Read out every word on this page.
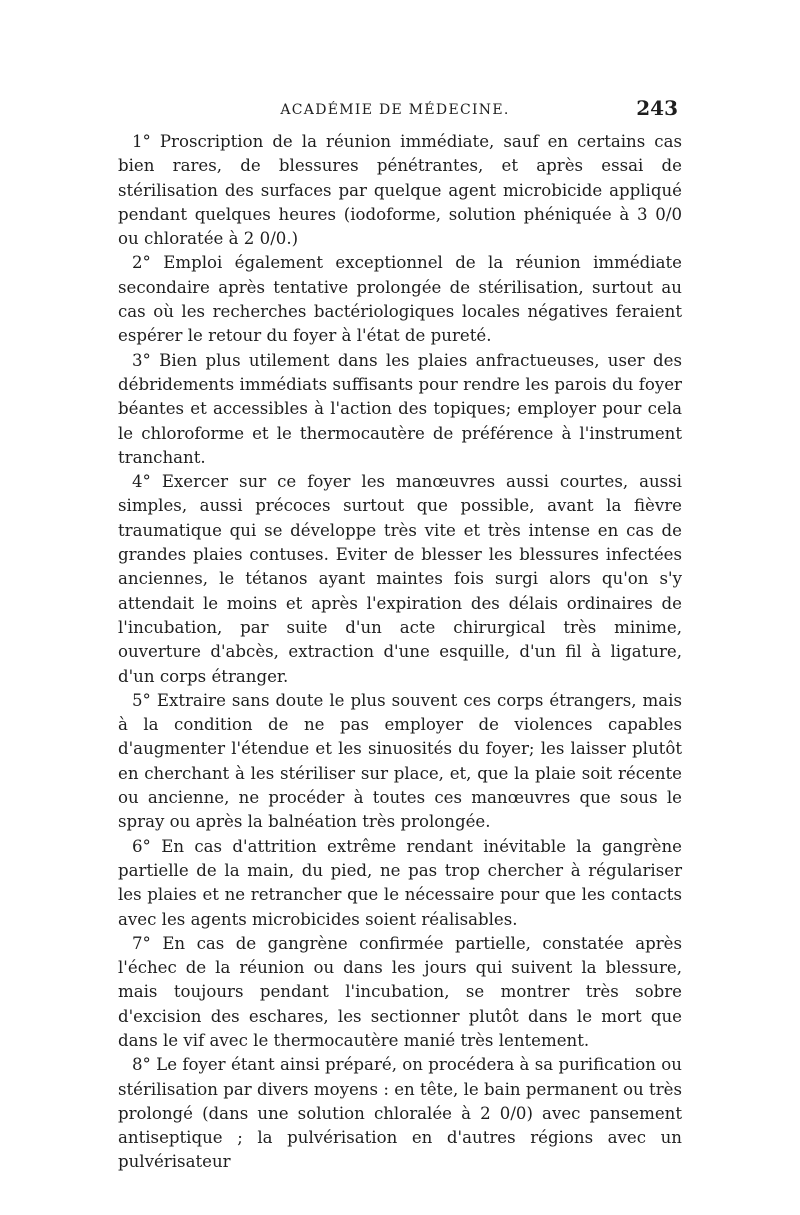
ACADÉMIE DE MÉDECINE.	243

1° Proscription de la réunion immédiate, sauf en certains cas bien rares, de blessures pénétrantes, et après essai de stérilisation des surfaces par quelque agent microbicide appliqué pendant quelques heures (iodoforme, solution phéniquée à 3 0/0 ou chloratée à 2 0/0.)

2° Emploi également exceptionnel de la réunion immédiate secondaire après tentative prolongée de stérilisation, surtout au cas où les recherches bactériologiques locales négatives feraient espérer le retour du foyer à l'état de pureté.

3° Bien plus utilement dans les plaies anfractueuses, user des débridements immédiats suffisants pour rendre les parois du foyer béantes et accessibles à l'action des topiques; employer pour cela le chloroforme et le thermocautère de préférence à l'instrument tranchant.

4° Exercer sur ce foyer les manœuvres aussi courtes, aussi simples, aussi précoces surtout que possible, avant la fièvre traumatique qui se développe très vite et très intense en cas de grandes plaies contuses. Eviter de blesser les blessures infectées anciennes, le tétanos ayant maintes fois surgi alors qu'on s'y attendait le moins et après l'expiration des délais ordinaires de l'incubation, par suite d'un acte chirurgical très minime, ouverture d'abcès, extraction d'une esquille, d'un fil à ligature, d'un corps étranger.

5° Extraire sans doute le plus souvent ces corps étrangers, mais à la condition de ne pas employer de violences capables d'augmenter l'étendue et les sinuosités du foyer; les laisser plutôt en cherchant à les stériliser sur place, et, que la plaie soit récente ou ancienne, ne procéder à toutes ces manœuvres que sous le spray ou après la balnéation très prolongée.

6° En cas d'attrition extrême rendant inévitable la gangrène partielle de la main, du pied, ne pas trop chercher à régulariser les plaies et ne retrancher que le nécessaire pour que les contacts avec les agents microbicides soient réalisables.

7° En cas de gangrène confirmée partielle, constatée après l'échec de la réunion ou dans les jours qui suivent la blessure, mais toujours pendant l'incubation, se montrer très sobre d'excision des eschares, les sectionner plutôt dans le mort que dans le vif avec le thermocautère manié très lentement.

8° Le foyer étant ainsi préparé, on procédera à sa purification ou stérilisation par divers moyens : en tête, le bain permanent ou très prolongé (dans une solution chloralée à 2 0/0) avec pansement antiseptique ; la pulvérisation en d'autres régions avec un pulvérisateur
